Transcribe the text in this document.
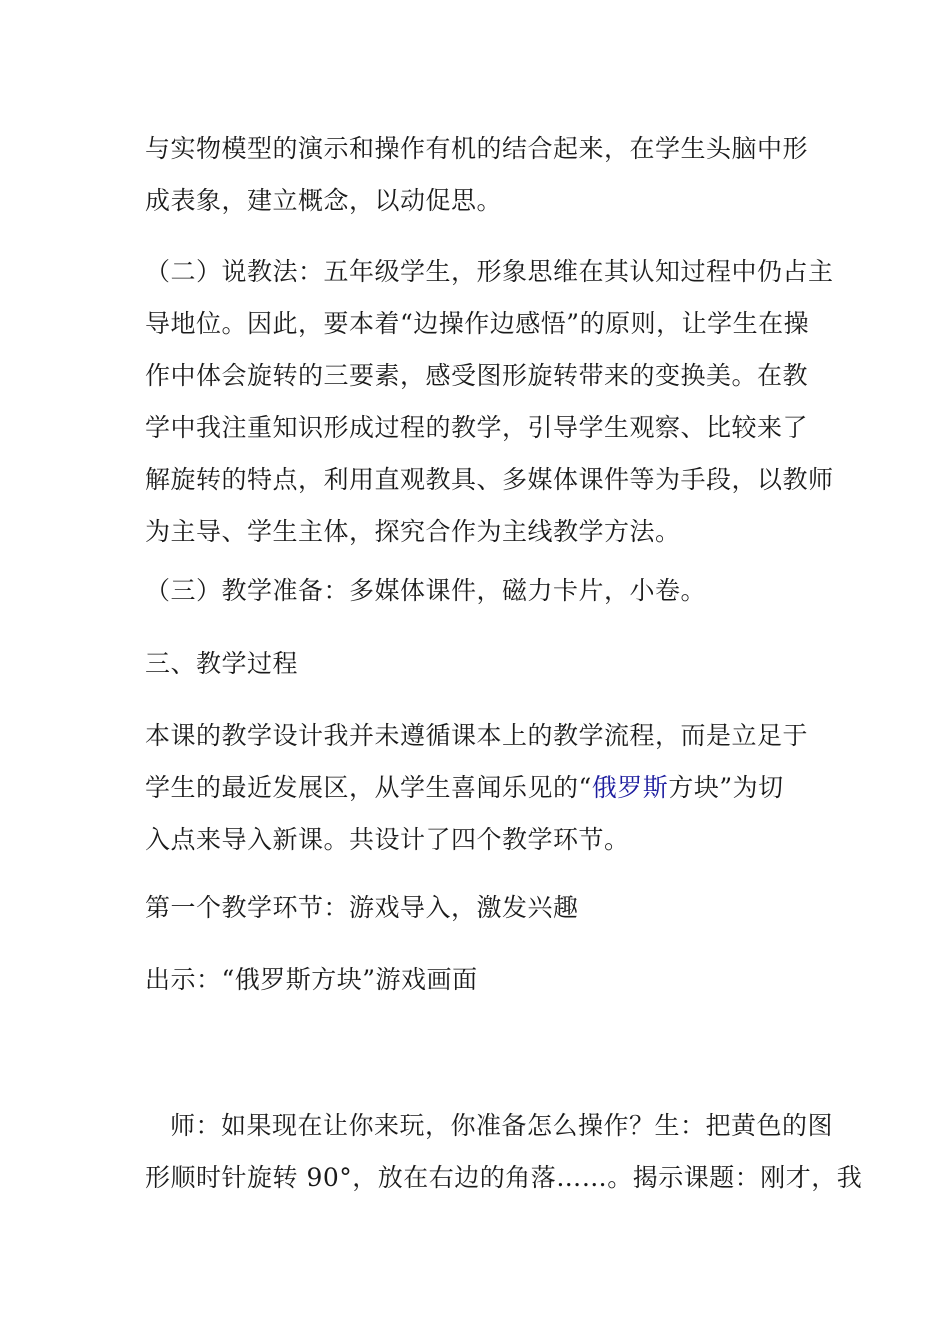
与实物模型的演示和操作有机的结合起来，在学生头脑中形
成表象，建立概念，以动促思。

（二）说教法：五年级学生，形象思维在其认知过程中仍占主
导地位。因此，要本着“边操作边感悟”的原则，让学生在操
作中体会旋转的三要素，感受图形旋转带来的变换美。在教
学中我注重知识形成过程的教学，引导学生观察、比较来了
解旋转的特点，利用直观教具、多媒体课件等为手段，以教师
为主导、学生主体，探究合作为主线教学方法。

（三）教学准备：多媒体课件，磁力卡片，小卷。

三、教学过程

本课的教学设计我并未遵循课本上的教学流程，而是立足于
学生的最近发展区，从学生喜闻乐见的“俄罗斯方块”为切
入点来导入新课。共设计了四个教学环节。

第一个教学环节：游戏导入，激发兴趣

出示：“俄罗斯方块”游戏画面

师：如果现在让你来玩，你准备怎么操作？生：把黄色的图
形顺时针旋转 90°，放在右边的角落……。揭示课题：刚才，我
